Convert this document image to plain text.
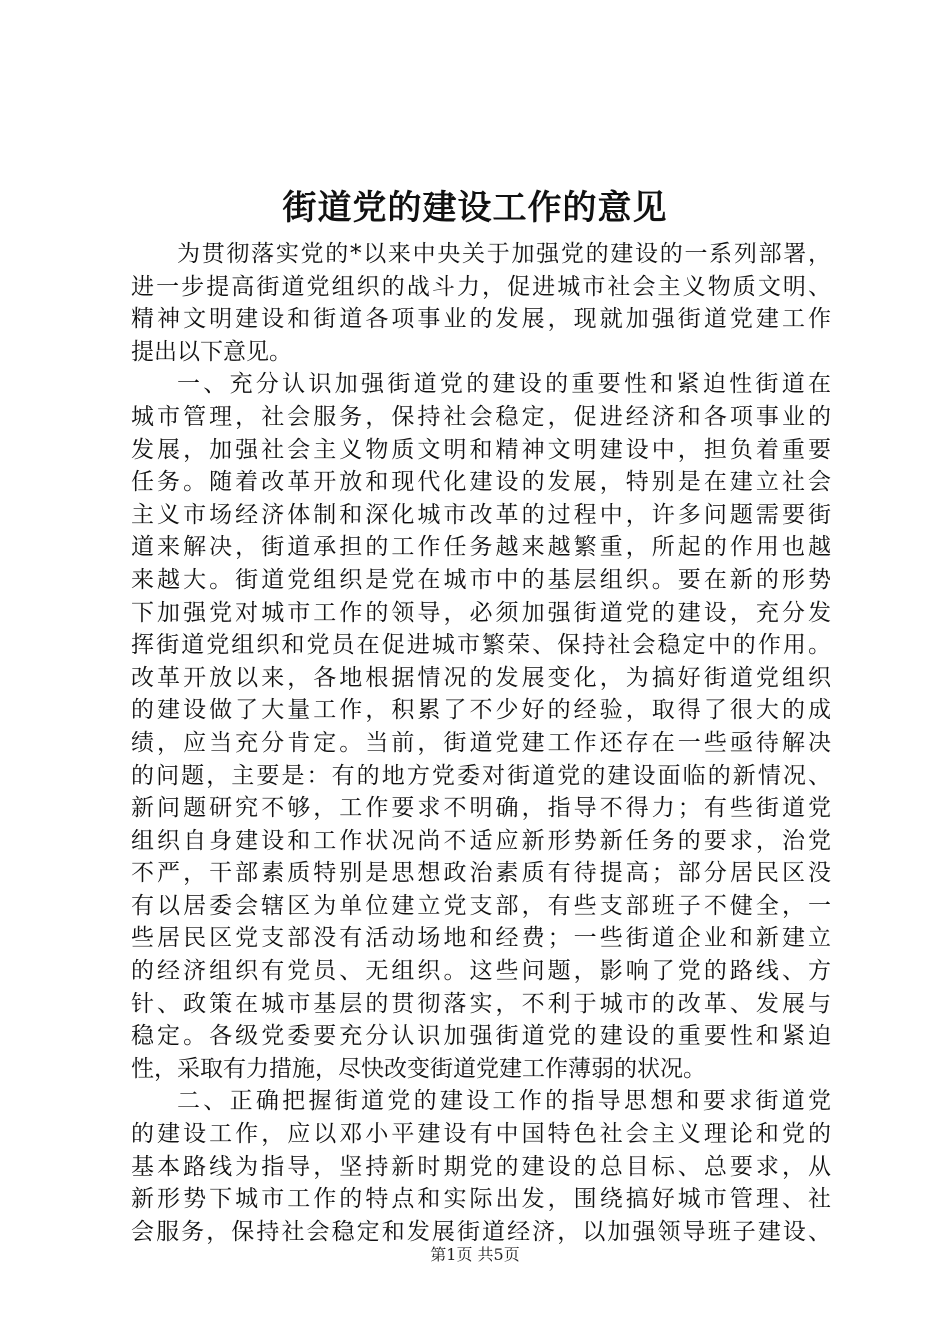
街道党的建设工作的意见
为贯彻落实党的*以来中央关于加强党的建设的一系列部署，
进一步提高街道党组织的战斗力，促进城市社会主义物质文明、
精神文明建设和街道各项事业的发展，现就加强街道党建工作
提出以下意见。
一、充分认识加强街道党的建设的重要性和紧迫性街道在
城市管理，社会服务，保持社会稳定，促进经济和各项事业的
发展，加强社会主义物质文明和精神文明建设中，担负着重要
任务。随着改革开放和现代化建设的发展，特别是在建立社会
主义市场经济体制和深化城市改革的过程中，许多问题需要街
道来解决，街道承担的工作任务越来越繁重，所起的作用也越
来越大。街道党组织是党在城市中的基层组织。要在新的形势
下加强党对城市工作的领导，必须加强街道党的建设，充分发
挥街道党组织和党员在促进城市繁荣、保持社会稳定中的作用。
改革开放以来，各地根据情况的发展变化，为搞好街道党组织
的建设做了大量工作，积累了不少好的经验，取得了很大的成
绩，应当充分肯定。当前，街道党建工作还存在一些亟待解决
的问题，主要是：有的地方党委对街道党的建设面临的新情况、
新问题研究不够，工作要求不明确，指导不得力；有些街道党
组织自身建设和工作状况尚不适应新形势新任务的要求，治党
不严，干部素质特别是思想政治素质有待提高；部分居民区没
有以居委会辖区为单位建立党支部，有些支部班子不健全，一
些居民区党支部没有活动场地和经费；一些街道企业和新建立
的经济组织有党员、无组织。这些问题，影响了党的路线、方
针、政策在城市基层的贯彻落实，不利于城市的改革、发展与
稳定。各级党委要充分认识加强街道党的建设的重要性和紧迫
性，采取有力措施，尽快改变街道党建工作薄弱的状况。
二、正确把握街道党的建设工作的指导思想和要求街道党
的建设工作，应以邓小平建设有中国特色社会主义理论和党的
基本路线为指导，坚持新时期党的建设的总目标、总要求，从
新形势下城市工作的特点和实际出发，围绕搞好城市管理、社
会服务，保持社会稳定和发展街道经济，以加强领导班子建设、
第1页 共5页
